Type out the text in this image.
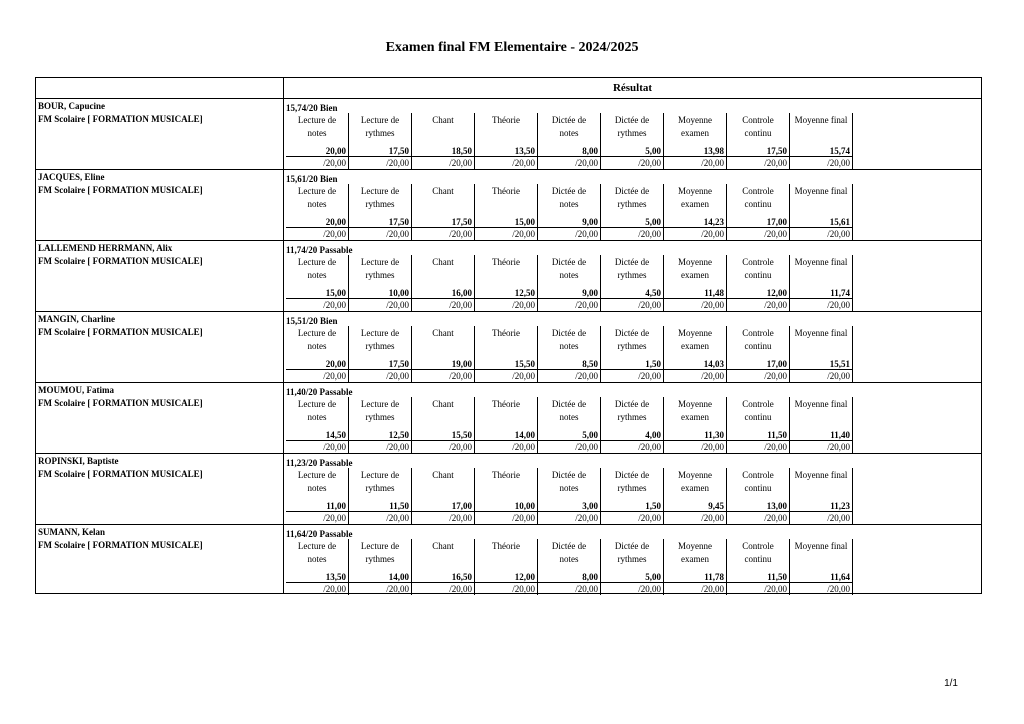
Examen final FM Elementaire - 2024/2025
Résultat
BOUR, Capucine
FM Scolaire [ FORMATION MUSICALE]
15,74/20 Bien
Lecture de
notes
20,00
/20,00
Lecture de
rythmes
17,50
/20,00
Chant
18,50
/20,00
Théorie
13,50
/20,00
Dictée de
notes
8,00
/20,00
Dictée de
rythmes
5,00
/20,00
Moyenne
examen
13,98
/20,00
Controle
continu
17,50
/20,00
Moyenne final
15,74
/20,00
JACQUES, Eline
FM Scolaire [ FORMATION MUSICALE]
15,61/20 Bien
Lecture de
notes
20,00
/20,00
Lecture de
rythmes
17,50
/20,00
Chant
17,50
/20,00
Théorie
15,00
/20,00
Dictée de
notes
9,00
/20,00
Dictée de
rythmes
5,00
/20,00
Moyenne
examen
14,23
/20,00
Controle
continu
17,00
/20,00
Moyenne final
15,61
/20,00
LALLEMEND HERRMANN, Alix
FM Scolaire [ FORMATION MUSICALE]
11,74/20 Passable
Lecture de
notes
15,00
/20,00
Lecture de
rythmes
10,00
/20,00
Chant
16,00
/20,00
Théorie
12,50
/20,00
Dictée de
notes
9,00
/20,00
Dictée de
rythmes
4,50
/20,00
Moyenne
examen
11,48
/20,00
Controle
continu
12,00
/20,00
Moyenne final
11,74
/20,00
MANGIN, Charline
FM Scolaire [ FORMATION MUSICALE]
15,51/20 Bien
Lecture de
notes
20,00
/20,00
Lecture de
rythmes
17,50
/20,00
Chant
19,00
/20,00
Théorie
15,50
/20,00
Dictée de
notes
8,50
/20,00
Dictée de
rythmes
1,50
/20,00
Moyenne
examen
14,03
/20,00
Controle
continu
17,00
/20,00
Moyenne final
15,51
/20,00
MOUMOU, Fatima
FM Scolaire [ FORMATION MUSICALE]
11,40/20 Passable
Lecture de
notes
14,50
/20,00
Lecture de
rythmes
12,50
/20,00
Chant
15,50
/20,00
Théorie
14,00
/20,00
Dictée de
notes
5,00
/20,00
Dictée de
rythmes
4,00
/20,00
Moyenne
examen
11,30
/20,00
Controle
continu
11,50
/20,00
Moyenne final
11,40
/20,00
ROPINSKI, Baptiste
FM Scolaire [ FORMATION MUSICALE]
11,23/20 Passable
Lecture de
notes
11,00
/20,00
Lecture de
rythmes
11,50
/20,00
Chant
17,00
/20,00
Théorie
10,00
/20,00
Dictée de
notes
3,00
/20,00
Dictée de
rythmes
1,50
/20,00
Moyenne
examen
9,45
/20,00
Controle
continu
13,00
/20,00
Moyenne final
11,23
/20,00
SUMANN, Kelan
FM Scolaire [ FORMATION MUSICALE]
11,64/20 Passable
Lecture de
notes
13,50
/20,00
Lecture de
rythmes
14,00
/20,00
Chant
16,50
/20,00
Théorie
12,00
/20,00
Dictée de
notes
8,00
/20,00
Dictée de
rythmes
5,00
/20,00
Moyenne
examen
11,78
/20,00
Controle
continu
11,50
/20,00
Moyenne final
11,64
/20,00
1/1
